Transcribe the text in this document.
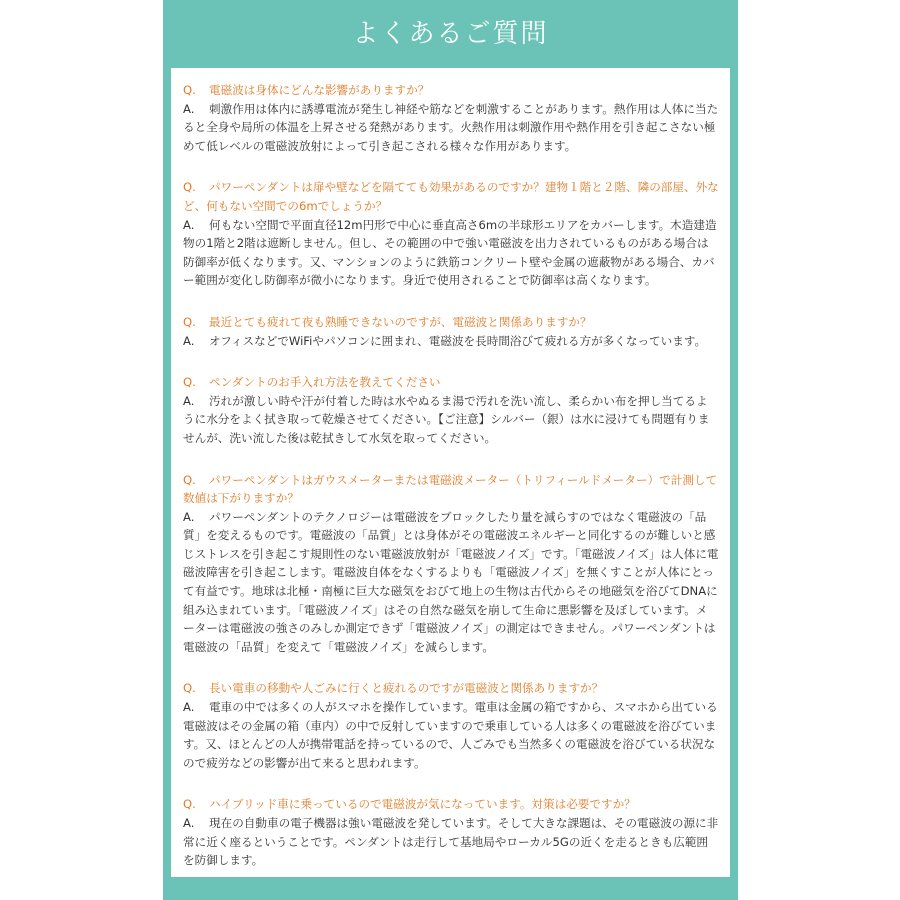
よくあるご質問

Q. 電磁波は身体にどんな影響がありますか？

A. 刺激作用は体内に誘導電流が発生し神経や筋などを刺激することがあります。熱作用は人体に当たると全身や局所の体温を上昇させる発熱があります。火熱作用は刺激作用や熱作用を引き起こさない極めて低レベルの電磁波放射によって引き起こされる様々な作用があります。

Q. パワーペンダントは扉や壁などを隔てても効果があるのですか？建物１階と２階、隣の部屋、外など、何もない空間での6mでしょうか？

A. 何もない空間で平面直径12m円形で中心に垂直高さ6mの半球形エリアをカバーします。木造建造物の1階と2階は遮断しません。但し、その範囲の中で強い電磁波を出力されているものがある場合は防御率が低くなります。又、マンションのように鉄筋コンクリート壁や金属の遮蔽物がある場合、カバー範囲が変化し防御率が微小になります。身近で使用されることで防御率は高くなります。

Q. 最近とても疲れて夜も熟睡できないのですが、電磁波と関係ありますか？

A. オフィスなどでWiFiやパソコンに囲まれ、電磁波を長時間浴びて疲れる方が多くなっています。

Q. ペンダントのお手入れ方法を教えてください

A. 汚れが激しい時や汗が付着した時は水やぬるま湯で汚れを洗い流し、柔らかい布を押し当てるように水分をよく拭き取って乾燥させてください。【ご注意】シルバー（銀）は水に浸けても問題有りませんが、洗い流した後は乾拭きして水気を取ってください。

Q. パワーペンダントはガウスメーターまたは電磁波メーター（トリフィールドメーター）で計測して数値は下がりますか？

A. パワーペンダントのテクノロジーは電磁波をブロックしたり量を減らすのではなく電磁波の「品質」を変えるものです。電磁波の「品質」とは身体がその電磁波エネルギーと同化するのが難しいと感じストレスを引き起こす規則性のない電磁波放射が「電磁波ノイズ」です。「電磁波ノイズ」は人体に電磁波障害を引き起こします。電磁波自体をなくするよりも「電磁波ノイズ」を無くすことが人体にとって有益です。地球は北極・南極に巨大な磁気をおびて地上の生物は古代からその地磁気を浴びてDNAに組み込まれています。「電磁波ノイズ」はその自然な磁気を崩して生命に悪影響を及ぼしています。メーターは電磁波の強さのみしか測定できず「電磁波ノイズ」の測定はできません。パワーペンダントは電磁波の「品質」を変えて「電磁波ノイズ」を減らします。

Q. 長い電車の移動や人ごみに行くと疲れるのですが電磁波と関係ありますか？

A. 電車の中では多くの人がスマホを操作しています。電車は金属の箱ですから、スマホから出ている電磁波はその金属の箱（車内）の中で反射していますので乗車している人は多くの電磁波を浴びています。又、ほとんどの人が携帯電話を持っているので、人ごみでも当然多くの電磁波を浴びている状況なので疲労などの影響が出て来ると思われます。

Q. ハイブリッド車に乗っているので電磁波が気になっています。対策は必要ですか？

A. 現在の自動車の電子機器は強い電磁波を発しています。そして大きな課題は、その電磁波の源に非常に近く座るということです。ペンダントは走行して基地局やローカル5Gの近くを走るときも広範囲を防御します。
